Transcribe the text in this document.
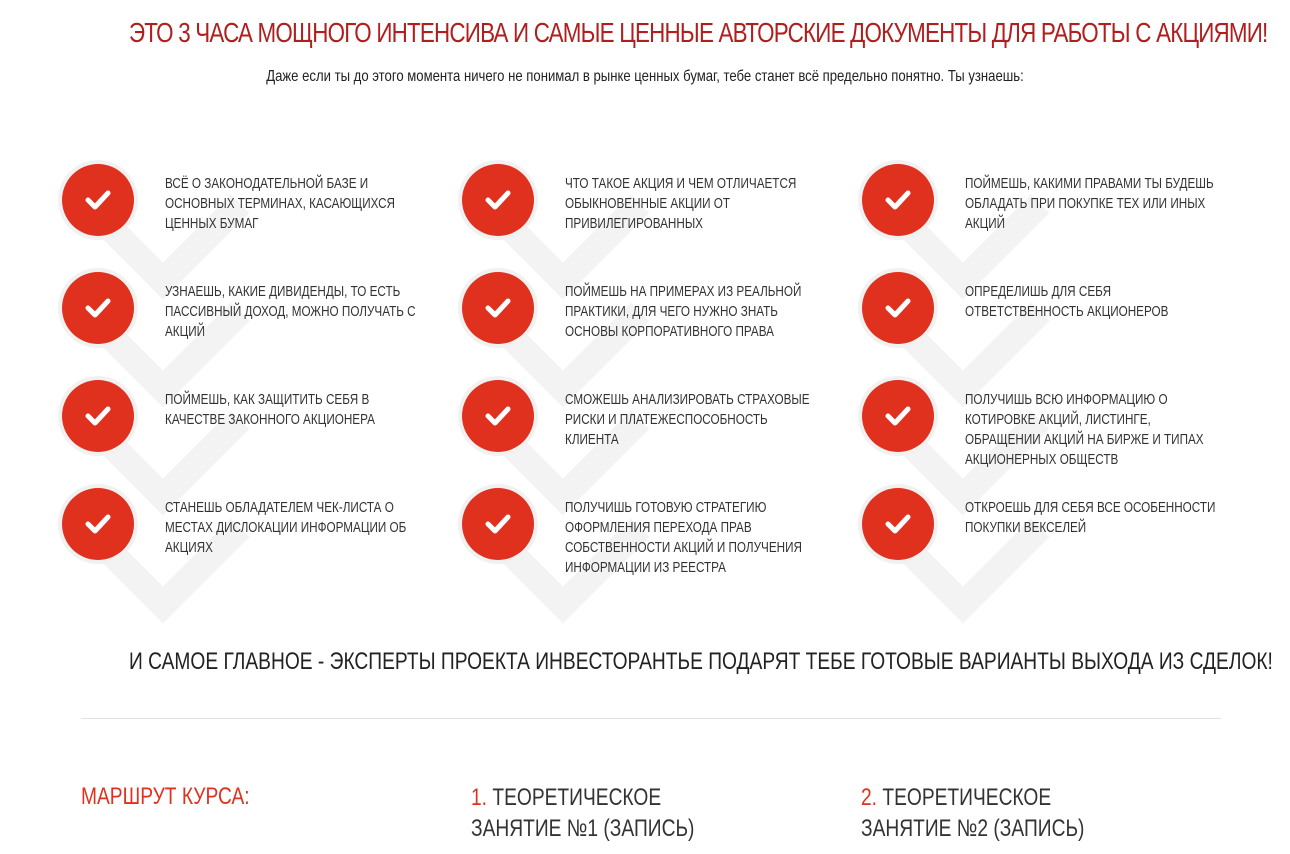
ЭТО 3 ЧАСА МОЩНОГО ИНТЕНСИВА И САМЫЕ ЦЕННЫЕ АВТОРСКИЕ ДОКУМЕНТЫ ДЛЯ РАБОТЫ С АКЦИЯМИ!
Даже если ты до этого момента ничего не понимал в рынке ценных бумаг, тебе станет всё предельно понятно. Ты узнаешь:
ВСЁ О ЗАКОНОДАТЕЛЬНОЙ БАЗЕ И ОСНОВНЫХ ТЕРМИНАХ, КАСАЮЩИХСЯ ЦЕННЫХ БУМАГ
ЧТО ТАКОЕ АКЦИЯ И ЧЕМ ОТЛИЧАЕТСЯ ОБЫКНОВЕННЫЕ АКЦИИ ОТ ПРИВИЛЕГИРОВАННЫХ
ПОЙМЕШЬ, КАКИМИ ПРАВАМИ ТЫ БУДЕШЬ ОБЛАДАТЬ ПРИ ПОКУПКЕ ТЕХ ИЛИ ИНЫХ АКЦИЙ
УЗНАЕШЬ, КАКИЕ ДИВИДЕНДЫ, ТО ЕСТЬ ПАССИВНЫЙ ДОХОД, МОЖНО ПОЛУЧАТЬ С АКЦИЙ
ПОЙМЕШЬ НА ПРИМЕРАХ ИЗ РЕАЛЬНОЙ ПРАКТИКИ, ДЛЯ ЧЕГО НУЖНО ЗНАТЬ ОСНОВЫ КОРПОРАТИВНОГО ПРАВА
ОПРЕДЕЛИШЬ ДЛЯ СЕБЯ ОТВЕТСТВЕННОСТЬ АКЦИОНЕРОВ
ПОЙМЕШЬ, КАК ЗАЩИТИТЬ СЕБЯ В КАЧЕСТВЕ ЗАКОННОГО АКЦИОНЕРА
СМОЖЕШЬ АНАЛИЗИРОВАТЬ СТРАХОВЫЕ РИСКИ И ПЛАТЕЖЕСПОСОБНОСТЬ КЛИЕНТА
ПОЛУЧИШЬ ВСЮ ИНФОРМАЦИЮ О КОТИРОВКЕ АКЦИЙ, ЛИСТИНГЕ, ОБРАЩЕНИИ АКЦИЙ НА БИРЖЕ И ТИПАХ АКЦИОНЕРНЫХ ОБЩЕСТВ
СТАНЕШЬ ОБЛАДАТЕЛЕМ ЧЕК-ЛИСТА О МЕСТАХ ДИСЛОКАЦИИ ИНФОРМАЦИИ ОБ АКЦИЯХ
ПОЛУЧИШЬ ГОТОВУЮ СТРАТЕГИЮ ОФОРМЛЕНИЯ ПЕРЕХОДА ПРАВ СОБСТВЕННОСТИ АКЦИЙ И ПОЛУЧЕНИЯ ИНФОРМАЦИИ ИЗ РЕЕСТРА
ОТКРОЕШЬ ДЛЯ СЕБЯ ВСЕ ОСОБЕННОСТИ ПОКУПКИ ВЕКСЕЛЕЙ
И САМОЕ ГЛАВНОЕ - ЭКСПЕРТЫ ПРОЕКТА ИНВЕСТОРАНТЬЕ ПОДАРЯТ ТЕБЕ ГОТОВЫЕ ВАРИАНТЫ ВЫХОДА ИЗ СДЕЛОК!
МАРШРУТ КУРСА:	1. ТЕОРЕТИЧЕСКОЕ ЗАНЯТИЕ №1 (ЗАПИСЬ)
2. ТЕОРЕТИЧЕСКОЕ ЗАНЯТИЕ №2 (ЗАПИСЬ)
